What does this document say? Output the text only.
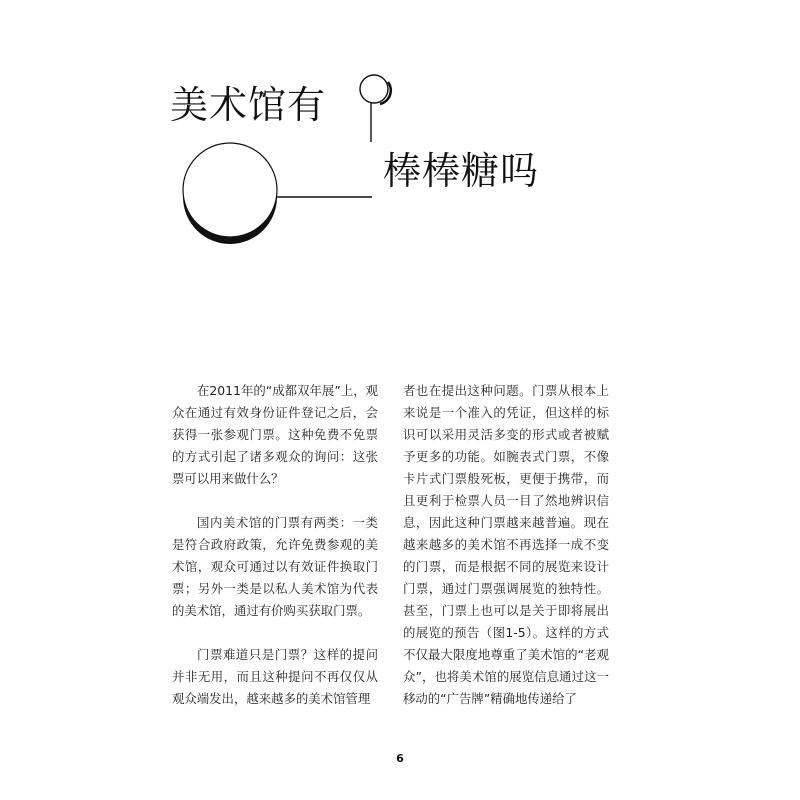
美术馆有
棒棒糖吗

在2011年的“成都双年展”上，观众在通过有效身份证件登记之后，会获得一张参观门票。这种免费不免票的方式引起了诸多观众的询问：这张票可以用来做什么？

国内美术馆的门票有两类：一类是符合政府政策，允许免费参观的美术馆，观众可通过以有效证件换取门票；另外一类是以私人美术馆为代表的美术馆，通过有价购买获取门票。

门票难道只是门票？这样的提问并非无用，而且这种提问不再仅仅从观众端发出，越来越多的美术馆管理

者也在提出这种问题。门票从根本上来说是一个准入的凭证，但这样的标识可以采用灵活多变的形式或者被赋予更多的功能。如腕表式门票，不像卡片式门票般死板，更便于携带，而且更利于检票人员一目了然地辨识信息，因此这种门票越来越普遍。现在越来越多的美术馆不再选择一成不变的门票，而是根据不同的展览来设计门票，通过门票强调展览的独特性。甚至，门票上也可以是关于即将展出的展览的预告（图1-5）。这样的方式不仅最大限度地尊重了美术馆的“老观众”，也将美术馆的展览信息通过这一移动的“广告牌”精确地传递给了

6
